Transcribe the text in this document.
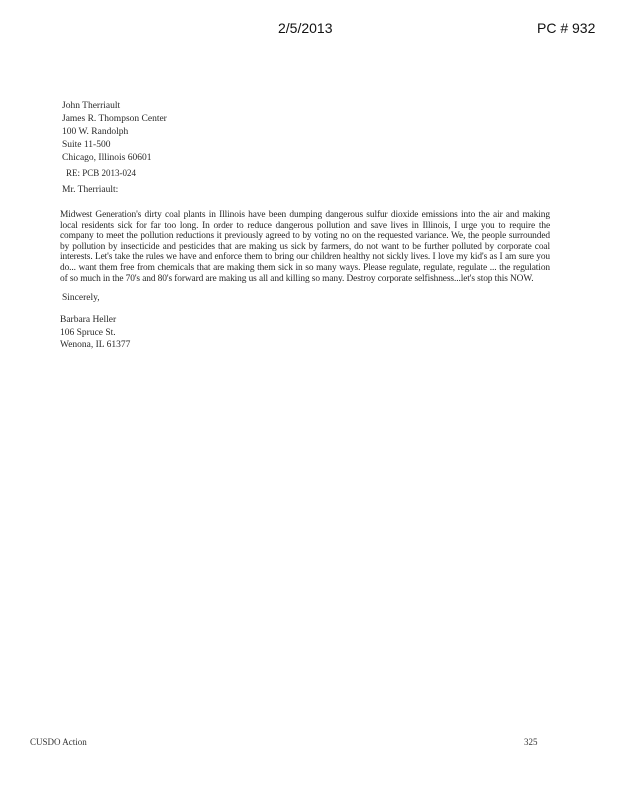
2/5/2013	PC # 932
John Therriault
James R. Thompson Center
100 W. Randolph
Suite 11-500
Chicago, Illinois 60601
RE: PCB 2013-024
Mr. Therriault:
Midwest Generation's dirty coal plants in Illinois have been dumping dangerous sulfur dioxide emissions into the air and making local residents sick for far too long. In order to reduce dangerous pollution and save lives in Illinois, I urge you to require the company to meet the pollution reductions it previously agreed to by voting no on the requested variance. We, the people surrounded by pollution by insecticide and pesticides that are making us sick by farmers, do not want to be further polluted by corporate coal interests. Let's take the rules we have and enforce them to bring our children healthy not sickly lives. I love my kid's as I am sure you do... want them free from chemicals that are making them sick in so many ways. Please regulate, regulate, regulate ... the regulation of so much in the 70's and 80's forward are making us all and killing so many. Destroy corporate selfishness...let's stop this NOW.
Sincerely,
Barbara Heller
106 Spruce St.
Wenona, IL 61377
CUSDO Action	325
